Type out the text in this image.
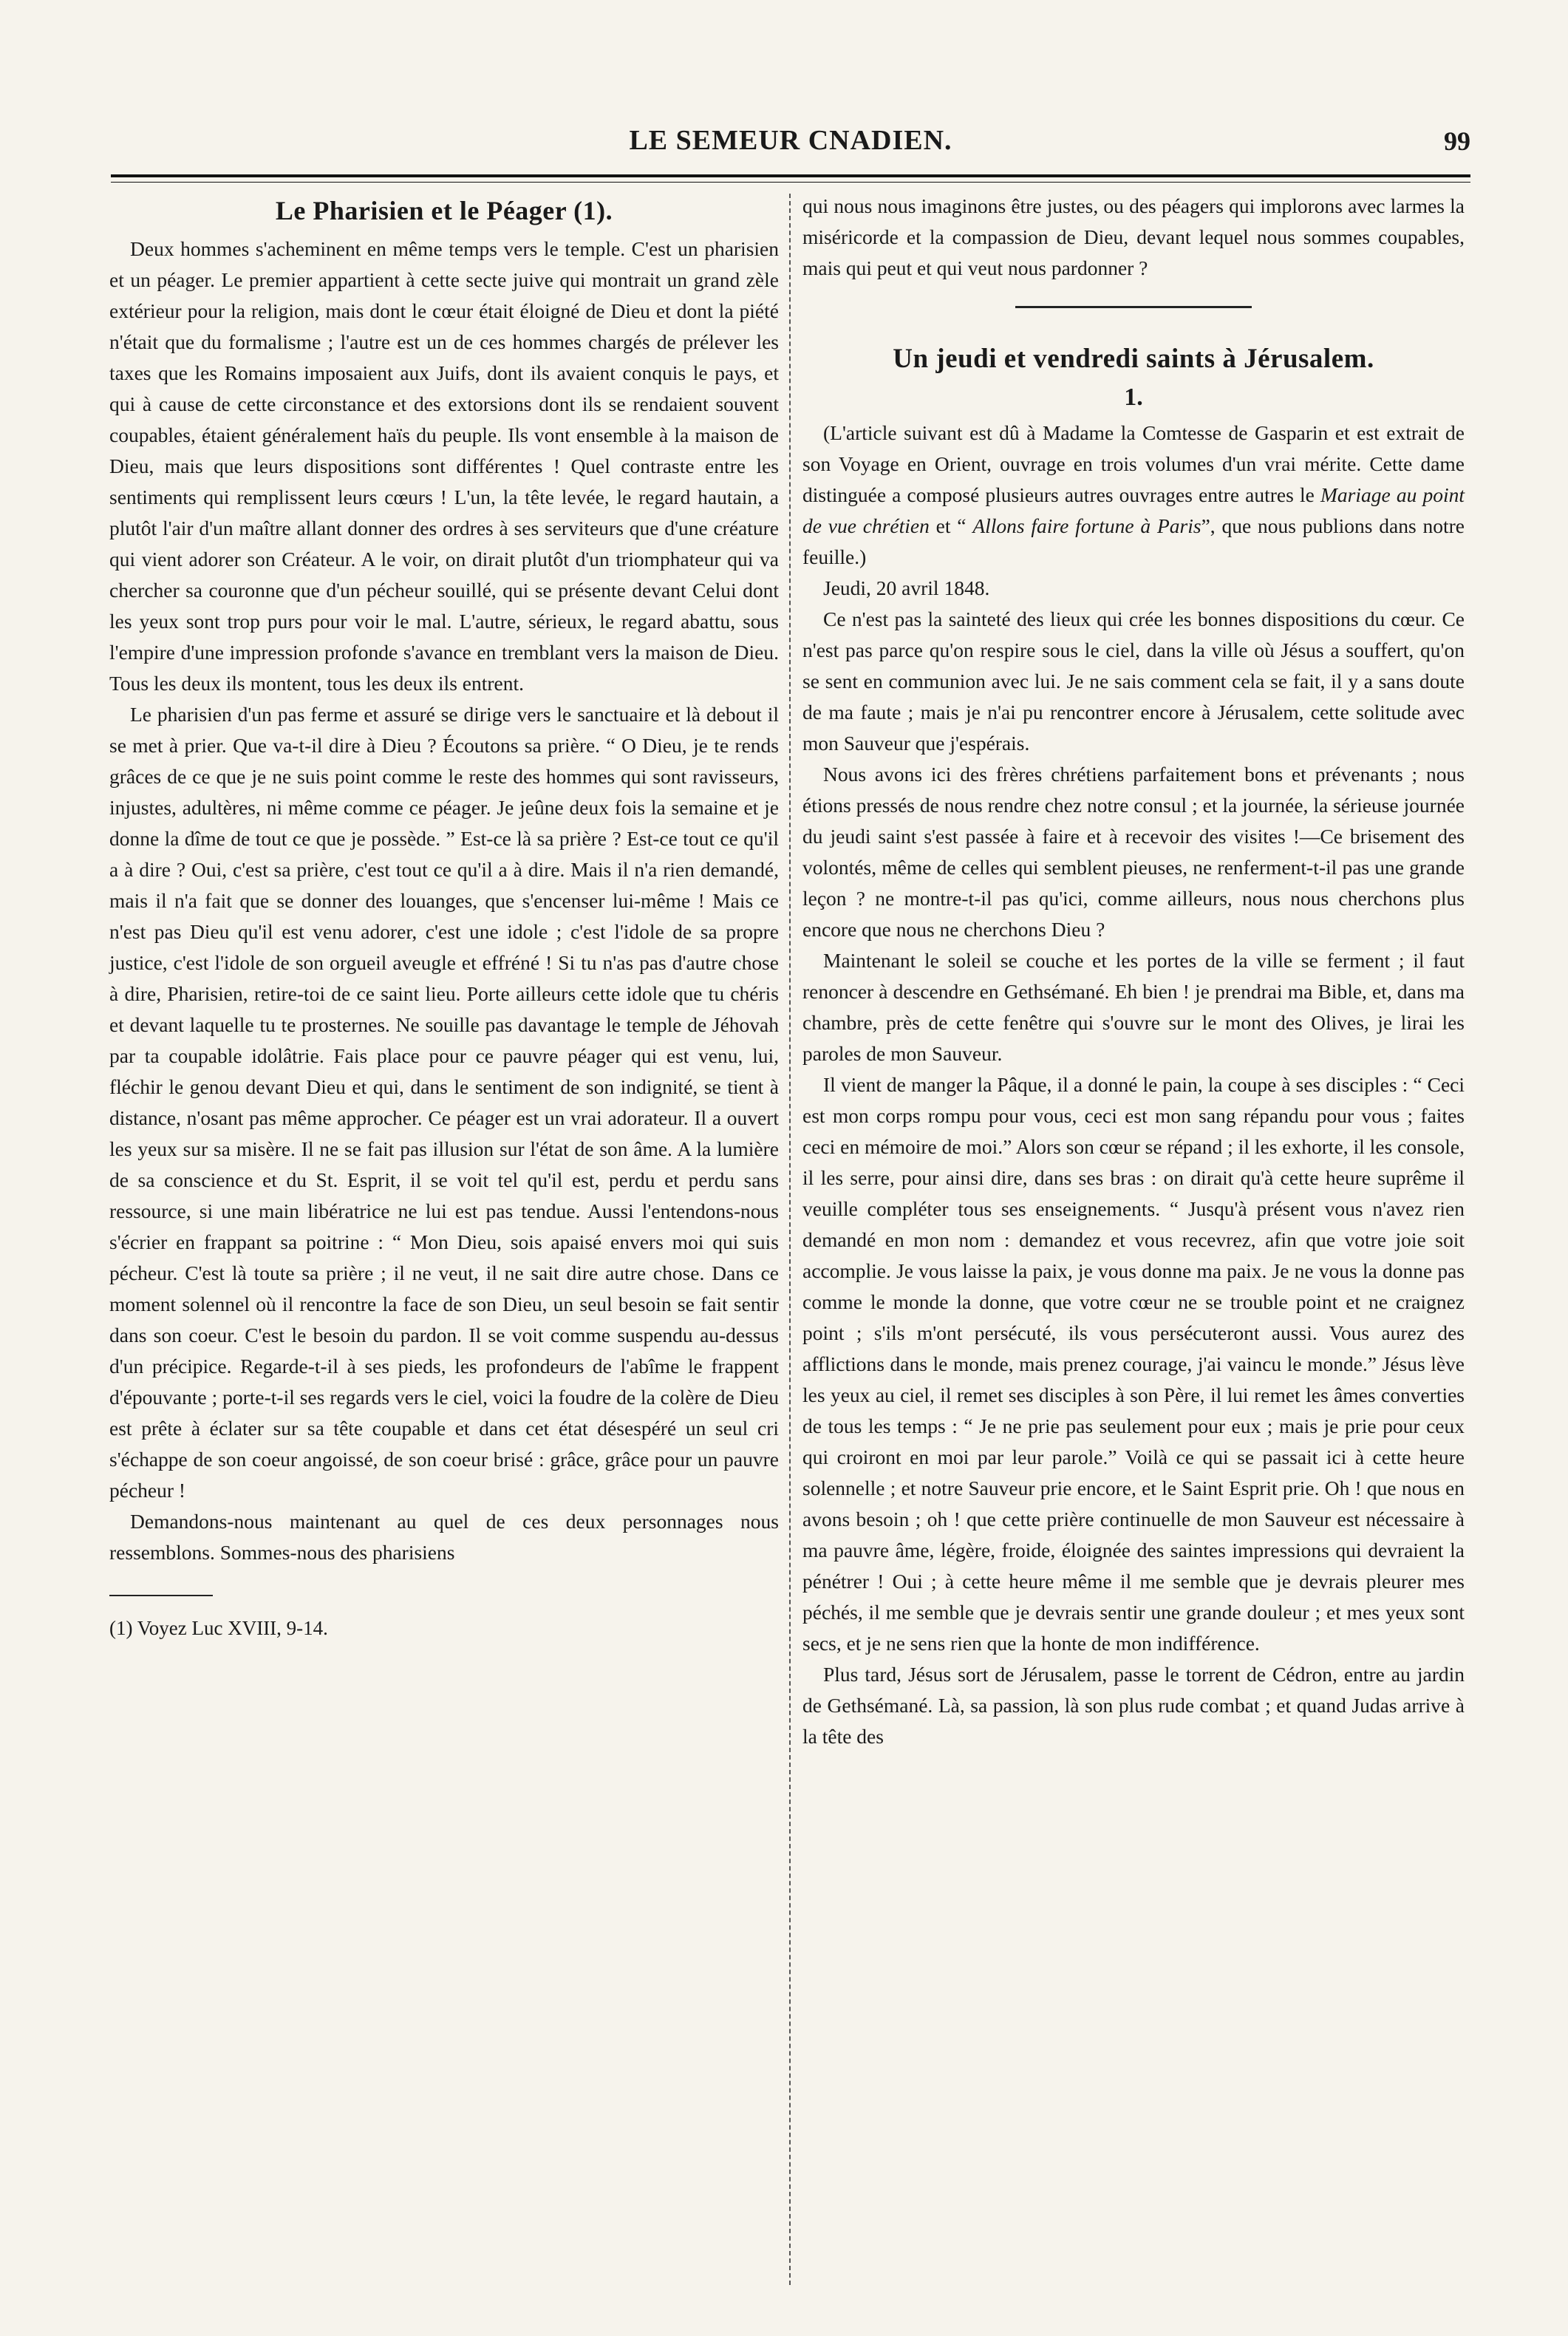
LE SEMEUR CNADIEN.	99
Le Pharisien et le Péager (1).

Deux hommes s'acheminent en même temps vers le temple. C'est un pharisien et un péager. Le premier appartient à cette secte juive qui montrait un grand zèle extérieur pour la religion, mais dont le cœur était éloigné de Dieu et dont la piété n'était que du formalisme ; l'autre est un de ces hommes chargés de prélever les taxes que les Romains imposaient aux Juifs, dont ils avaient conquis le pays, et qui à cause de cette circonstance et des extorsions dont ils se rendaient souvent coupables, étaient généralement haïs du peuple. Ils vont ensemble à la maison de Dieu, mais que leurs dispositions sont différentes ! Quel contraste entre les sentiments qui remplissent leurs cœurs ! L'un, la tête levée, le regard hautain, a plutôt l'air d'un maître allant donner des ordres à ses serviteurs que d'une créature qui vient adorer son Créateur. A le voir, on dirait plutôt d'un triomphateur qui va chercher sa couronne que d'un pécheur souillé, qui se présente devant Celui dont les yeux sont trop purs pour voir le mal. L'autre, sérieux, le regard abattu, sous l'empire d'une impression profonde s'avance en tremblant vers la maison de Dieu. Tous les deux ils montent, tous les deux ils entrent.

Le pharisien d'un pas ferme et assuré se dirige vers le sanctuaire et là debout il se met à prier. Que va-t-il dire à Dieu ? Écoutons sa prière. “ O Dieu, je te rends grâces de ce que je ne suis point comme le reste des hommes qui sont ravisseurs, injustes, adultères, ni même comme ce péager. Je jeûne deux fois la semaine et je donne la dîme de tout ce que je possède. ” Est-ce là sa prière ? Est-ce tout ce qu'il a à dire ? Oui, c'est sa prière, c'est tout ce qu'il a à dire. Mais il n'a rien demandé, mais il n'a fait que se donner des louanges, que s'encenser lui-même ! Mais ce n'est pas Dieu qu'il est venu adorer, c'est une idole ; c'est l'idole de sa propre justice, c'est l'idole de son orgueil aveugle et effréné ! Si tu n'as pas d'autre chose à dire, Pharisien, retire-toi de ce saint lieu. Porte ailleurs cette idole que tu chéris et devant laquelle tu te prosternes. Ne souille pas davantage le temple de Jéhovah par ta coupable idolâtrie. Fais place pour ce pauvre péager qui est venu, lui, fléchir le genou devant Dieu et qui, dans le sentiment de son indignité, se tient à distance, n'osant pas même approcher. Ce péager est un vrai adorateur. Il a ouvert les yeux sur sa misère. Il ne se fait pas illusion sur l'état de son âme. A la lumière de sa conscience et du St. Esprit, il se voit tel qu'il est, perdu et perdu sans ressource, si une main libératrice ne lui est pas tendue. Aussi l'entendons-nous s'écrier en frappant sa poitrine : “ Mon Dieu, sois apaisé envers moi qui suis pécheur. C'est là toute sa prière ; il ne veut, il ne sait dire autre chose. Dans ce moment solennel où il rencontre la face de son Dieu, un seul besoin se fait sentir dans son coeur. C'est le besoin du pardon. Il se voit comme suspendu au-dessus d'un précipice. Regarde-t-il à ses pieds, les profondeurs de l'abîme le frappent d'épouvante ; porte-t-il ses regards vers le ciel, voici la foudre de la colère de Dieu est prête à éclater sur sa tête coupable et dans cet état désespéré un seul cri s'échappe de son coeur angoissé, de son coeur brisé : grâce, grâce pour un pauvre pécheur !

Demandons-nous maintenant au quel de ces deux personnages nous ressemblons. Sommes-nous des pharisiens

(1) Voyez Luc XVIII, 9-14.

qui nous nous imaginons être justes, ou des péagers qui implorons avec larmes la miséricorde et la compassion de Dieu, devant lequel nous sommes coupables, mais qui peut et qui veut nous pardonner ?

Un jeudi et vendredi saints à Jérusalem.
1.

(L'article suivant est dû à Madame la Comtesse de Gasparin et est extrait de son Voyage en Orient, ouvrage en trois volumes d'un vrai mérite. Cette dame distinguée a composé plusieurs autres ouvrages entre autres le Mariage au point de vue chrétien et “ Allons faire fortune à Paris”, que nous publions dans notre feuille.)

Jeudi, 20 avril 1848.

Ce n'est pas la sainteté des lieux qui crée les bonnes dispositions du cœur. Ce n'est pas parce qu'on respire sous le ciel, dans la ville où Jésus a souffert, qu'on se sent en communion avec lui. Je ne sais comment cela se fait, il y a sans doute de ma faute ; mais je n'ai pu rencontrer encore à Jérusalem, cette solitude avec mon Sauveur que j'espérais.

Nous avons ici des frères chrétiens parfaitement bons et prévenants ; nous étions pressés de nous rendre chez notre consul ; et la journée, la sérieuse journée du jeudi saint s'est passée à faire et à recevoir des visites !—Ce brisement des volontés, même de celles qui semblent pieuses, ne renferment-t-il pas une grande leçon ? ne montre-t-il pas qu'ici, comme ailleurs, nous nous cherchons plus encore que nous ne cherchons Dieu ?

Maintenant le soleil se couche et les portes de la ville se ferment ; il faut renoncer à descendre en Gethsémané. Eh bien ! je prendrai ma Bible, et, dans ma chambre, près de cette fenêtre qui s'ouvre sur le mont des Olives, je lirai les paroles de mon Sauveur.

Il vient de manger la Pâque, il a donné le pain, la coupe à ses disciples : “ Ceci est mon corps rompu pour vous, ceci est mon sang répandu pour vous ; faites ceci en mémoire de moi.” Alors son cœur se répand ; il les exhorte, il les console, il les serre, pour ainsi dire, dans ses bras : on dirait qu'à cette heure suprême il veuille compléter tous ses enseignements. “ Jusqu'à présent vous n'avez rien demandé en mon nom : demandez et vous recevrez, afin que votre joie soit accomplie. Je vous laisse la paix, je vous donne ma paix. Je ne vous la donne pas comme le monde la donne, que votre cœur ne se trouble point et ne craignez point ; s'ils m'ont persécuté, ils vous persécuteront aussi. Vous aurez des afflictions dans le monde, mais prenez courage, j'ai vaincu le monde.” Jésus lève les yeux au ciel, il remet ses disciples à son Père, il lui remet les âmes converties de tous les temps : “ Je ne prie pas seulement pour eux ; mais je prie pour ceux qui croiront en moi par leur parole.” Voilà ce qui se passait ici à cette heure solennelle ; et notre Sauveur prie encore, et le Saint Esprit prie. Oh ! que nous en avons besoin ; oh ! que cette prière continuelle de mon Sauveur est nécessaire à ma pauvre âme, légère, froide, éloignée des saintes impressions qui devraient la pénétrer ! Oui ; à cette heure même il me semble que je devrais pleurer mes péchés, il me semble que je devrais sentir une grande douleur ; et mes yeux sont secs, et je ne sens rien que la honte de mon indifférence.

Plus tard, Jésus sort de Jérusalem, passe le torrent de Cédron, entre au jardin de Gethsémané. Là, sa passion, là son plus rude combat ; et quand Judas arrive à la tête des
